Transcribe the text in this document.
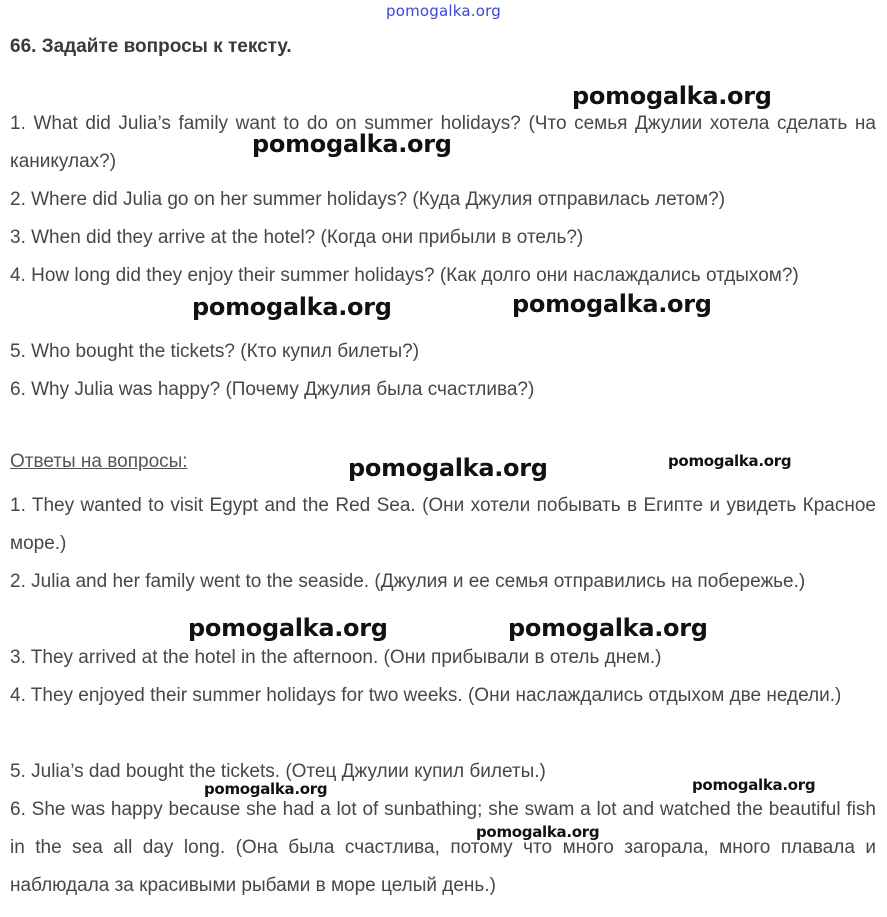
pomogalka.org
66. Задайте вопросы к тексту.
1. What did Julia’s family want to do on summer holidays? (Что семья Джулии хотела сделать на каникулах?)
2. Where did Julia go on her summer holidays? (Куда Джулия отправилась летом?)
3. When did they arrive at the hotel? (Когда они прибыли в отель?)
4. How long did they enjoy their summer holidays? (Как долго они наслаждались отдыхом?)
5. Who bought the tickets? (Кто купил билеты?)
6. Why Julia was happy? (Почему Джулия была счастлива?)
Ответы на вопросы:
1. They wanted to visit Egypt and the Red Sea. (Они хотели побывать в Египте и увидеть Красное море.)
2. Julia and her family went to the seaside. (Джулия и ее семья отправились на побережье.)
3. They arrived at the hotel in the afternoon. (Они прибывали в отель днем.)
4. They enjoyed their summer holidays for two weeks. (Они наслаждались отдыхом две недели.)
5. Julia’s dad bought the tickets. (Отец Джулии купил билеты.)
6. She was happy because she had a lot of sunbathing; she swam a lot and watched the beautiful fish in the sea all day long. (Она была счастлива, потому что много загорала, много плавала и наблюдала за красивыми рыбами в море целый день.)
pomogalka.org
pomogalka.org
pomogalka.org	pomogalka.org
pomogalka.org	pomogalka.org
pomogalka.org	pomogalka.org
pomogalka.org	pomogalka.org
pomogalka.org
